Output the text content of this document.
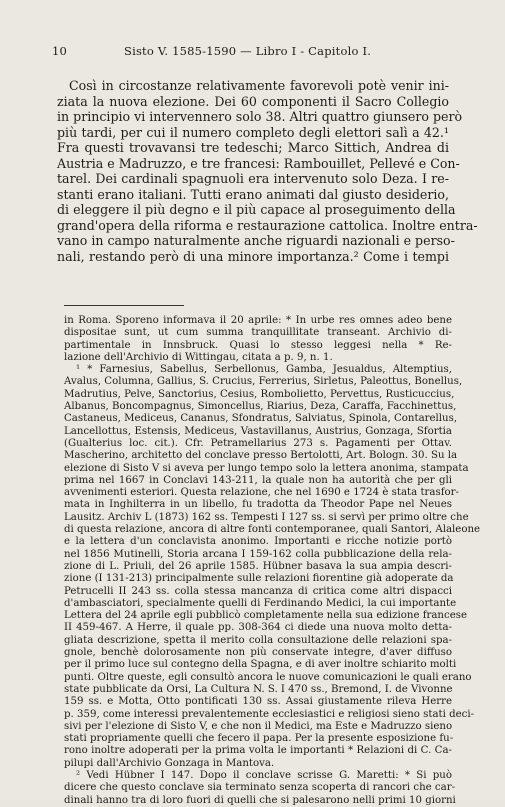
10	Sisto V. 1585-1590 — Libro I - Capitolo I.
Così in circostanze relativamente favorevoli potè venir ini-
ziata la nuova elezione. Dei 60 componenti il Sacro Collegio
in principio vi intervennero solo 38. Altri quattro giunsero però
più tardi, per cui il numero completo degli elettori salì a 42.¹
Fra questi trovavansi tre tedeschi; Marco Sittich, Andrea di
Austria e Madruzzo, e tre francesi: Rambouillet, Pellevé e Con-
tarel. Dei cardinali spagnuoli era intervenuto solo Deza. I re-
stanti erano italiani. Tutti erano animati dal giusto desiderio,
di eleggere il più degno e il più capace al proseguimento della
grand'opera della riforma e restaurazione cattolica. Inoltre entra-
vano in campo naturalmente anche riguardi nazionali e perso-
nali, restando però di una minore importanza.² Come i tempi
in Roma. Sporeno informava il 20 aprile: * In urbe res omnes adeo bene
dispositae sunt, ut cum summa tranquillitate transeant. Archivio di-
partimentale in Innsbruck. Quasi lo stesso leggesi nella * Re-
lazione dell'Archivio di Wittingau, citata a p. 9, n. 1.
¹ * Farnesius, Sabellus, Serbellonus, Gamba, Jesualdus, Altemptius,
Avalus, Columna, Gallius, S. Crucius, Ferrerius, Sirletus, Paleottus, Bonellus,
Madrutius, Pelve, Sanctorius, Cesius, Rombolietto, Pervettus, Rusticuccius,
Albanus, Boncompagnus, Simoncellus, Riarius, Deza, Caraffa, Facchinettus,
Castaneus, Mediceus, Cananus, Sfondratus, Salviatus, Spinola, Contarellus,
Lancellottus, Estensis, Mediceus, Vastavillanus, Austrius, Gonzaga, Sfortia
(Gualterius loc. cit.). Cfr. Petramellarius 273 s. Pagamenti per Ottav.
Mascherino, architetto del conclave presso Bertolotti, Art. Bologn. 30. Su la
elezione di Sisto V si aveva per lungo tempo solo la lettera anonima, stampata
prima nel 1667 in Conclavi 143-211, la quale non ha autorità che per gli
avvenimenti esteriori. Questa relazione, che nel 1690 e 1724 è stata trasfor-
mata in Inghilterra in un libello, fu tradotta da Theodor Pape nel Neues
Lausitz. Archiv L (1873) 162 ss. Tempesti I 127 ss. si servì per primo oltre che
di questa relazione, ancora di altre fonti contemporanee, quali Santori, Alaleone
e la lettera d'un conclavista anonimo. Importanti e ricche notizie portò
nel 1856 Mutinelli, Storia arcana I 159-162 colla pubblicazione della rela-
zione di L. Priuli, del 26 aprile 1585. Hübner basava la sua ampia descri-
zione (I 131-213) principalmente sulle relazioni fiorentine già adoperate da
Petrucelli II 243 ss. colla stessa mancanza di critica come altri dispacci
d'ambasciatori, specialmente quelli di Ferdinando Medici, la cui importante
Lettera del 24 aprile egli pubblicò completamente nella sua edizione francese
II 459-467. A Herre, il quale pp. 308-364 ci diede una nuova molto detta-
gliata descrizione, spetta il merito colla consultazione delle relazioni spa-
gnole, benchè dolorosamente non più conservate integre, d'aver diffuso
per il primo luce sul contegno della Spagna, e di aver inoltre schiarito molti
punti. Oltre queste, egli consultò ancora le nuove comunicazioni le quali erano
state pubblicate da Orsi, La Cultura N. S. I 470 ss., Bremond, I. de Vivonne
159 ss. e Motta, Otto pontificati 130 ss. Assai giustamente rileva Herre
p. 359, come interessi prevalentemente ecclesiastici e religiosi sieno stati deci-
sivi per l'elezione di Sisto V, e che non il Medici, ma Este e Madruzzo sieno
stati propriamente quelli che fecero il papa. Per la presente esposizione fu-
rono inoltre adoperati per la prima volta le importanti * Relazioni di C. Ca-
pilupi dall'Archivio Gonzaga in Mantova.
² Vedi Hübner I 147. Dopo il conclave scrisse G. Maretti: * Si può
dicere che questo conclave sia terminato senza scoperta di rancori che car-
dinali hanno tra di loro fuori di quelli che si palesarono nelli primi 10 giorni
